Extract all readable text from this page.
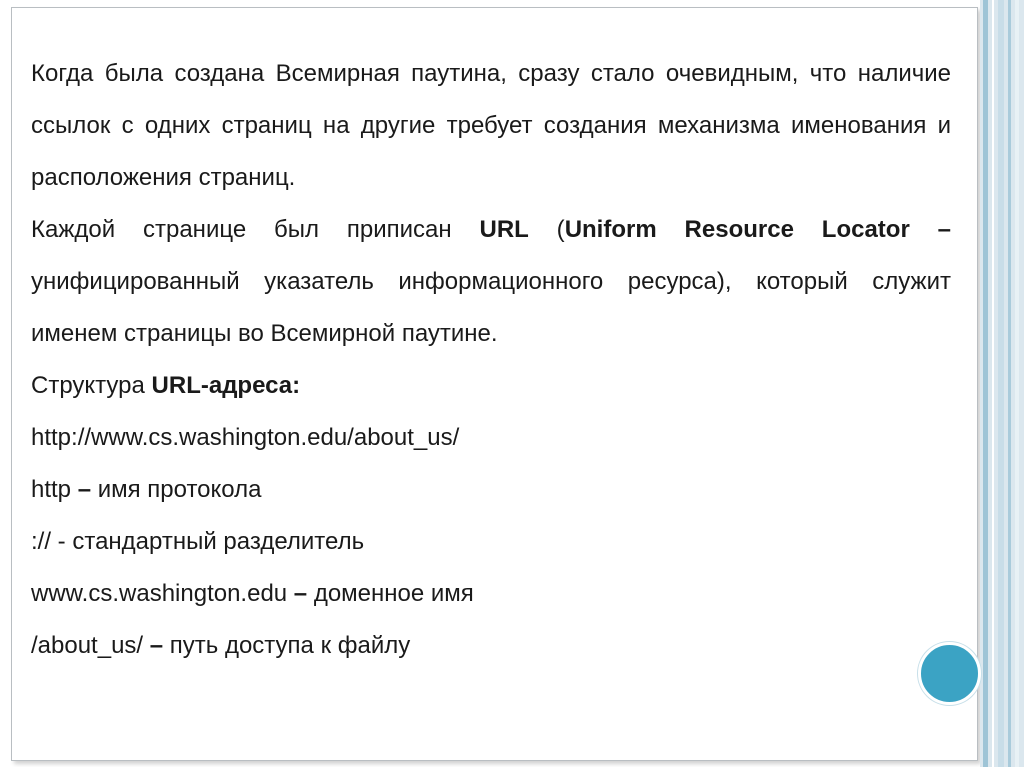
Когда была создана Всемирная паутина, сразу стало очевидным, что наличие ссылок с одних страниц на другие требует создания механизма именования и расположения страниц.

Каждой странице был приписан URL (Uniform Resource Locator – унифицированный указатель информационного ресурса), который служит именем страницы во Всемирной паутине.

Структура URL-адреса:

http://www.cs.washington.edu/about_us/

http – имя протокола

:// - стандартный разделитель

www.cs.washington.edu – доменное имя

/about_us/ – путь доступа к файлу
